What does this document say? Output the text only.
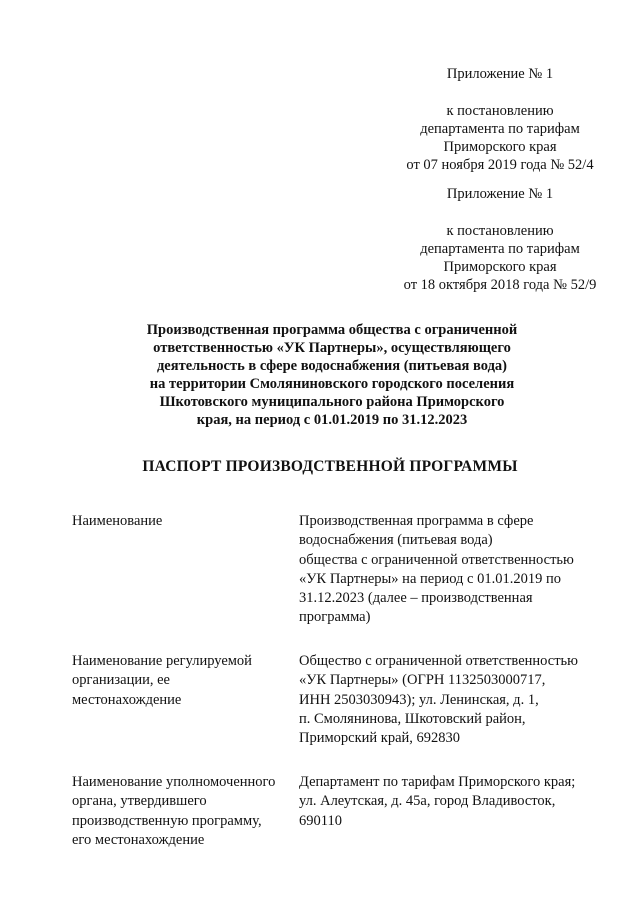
Приложение № 1
к постановлению
департамента по тарифам
Приморского края
от 07 ноября 2019 года № 52/4
Приложение № 1
к постановлению
департамента по тарифам
Приморского края
от 18 октября 2018 года № 52/9
Производственная программа общества с ограниченной
ответственностью «УК Партнеры», осуществляющего
деятельность в сфере водоснабжения (питьевая вода)
на территории Смоляниновского городского поселения
Шкотовского муниципального района Приморского
края, на период с 01.01.2019 по 31.12.2023
ПАСПОРТ ПРОИЗВОДСТВЕННОЙ ПРОГРАММЫ
Наименование	Производственная программа в сфере
водоснабжения (питьевая вода)
общества с ограниченной ответственностью
«УК Партнеры» на период с 01.01.2019 по
31.12.2023 (далее – производственная
программа)
Наименование регулируемой
организации, ее
местонахождение
Общество с ограниченной ответственностью
«УК Партнеры» (ОГРН 1132503000717,
ИНН 2503030943); ул. Ленинская, д. 1,
п. Смолянинова, Шкотовский район,
Приморский край, 692830
Наименование уполномоченного
органа, утвердившего
производственную программу,
его местонахождение
Департамент по тарифам Приморского края;
ул. Алеутская, д. 45а, город Владивосток,
690110
